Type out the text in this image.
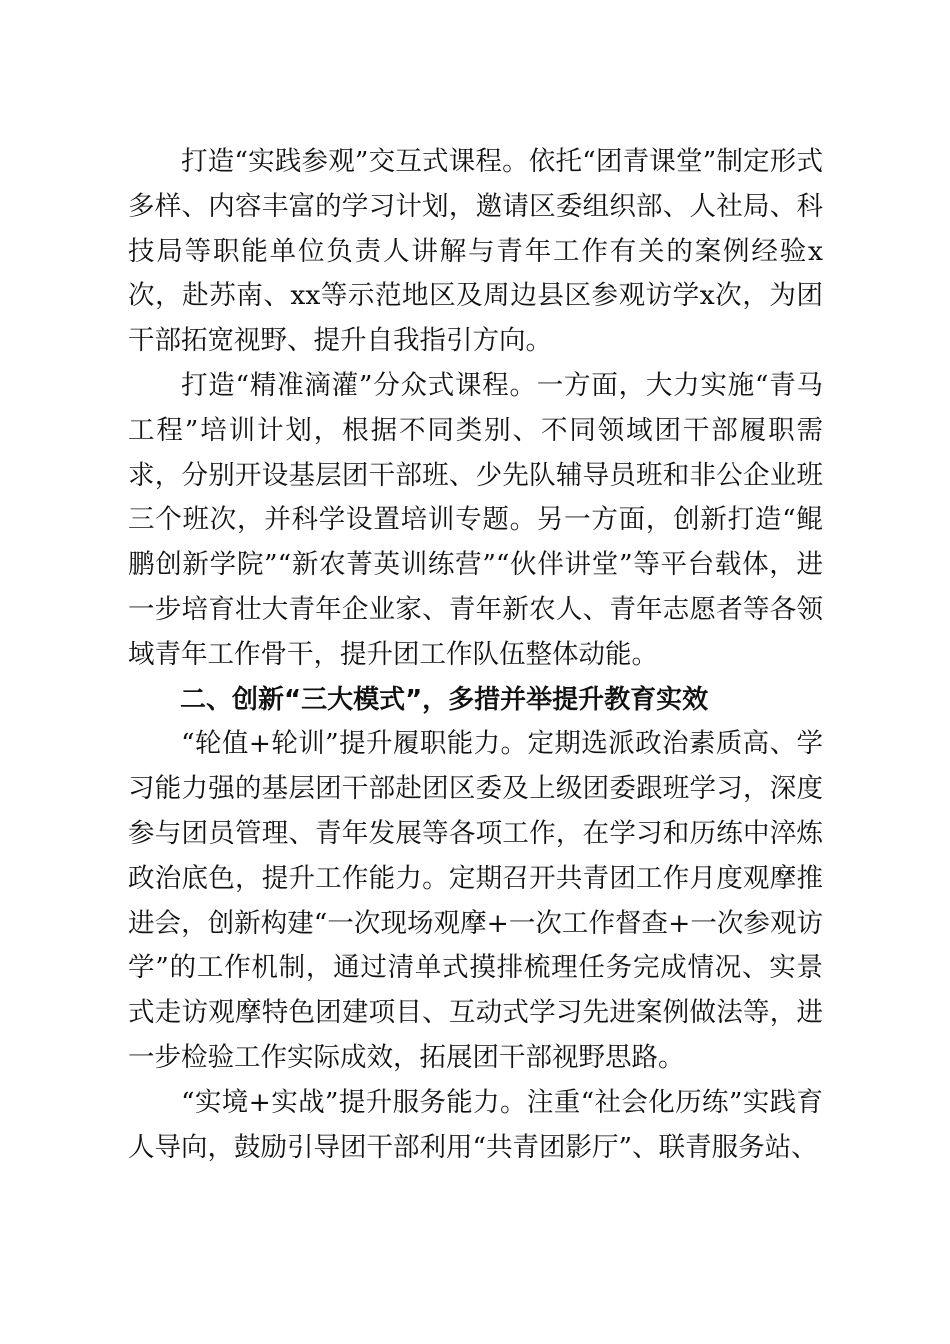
打造“实践参观”交互式课程。依托“团青课堂”制定形式多样、内容丰富的学习计划，邀请区委组织部、人社局、科技局等职能单位负责人讲解与青年工作有关的案例经验x次，赴苏南、xx等示范地区及周边县区参观访学x次，为团干部拓宽视野、提升自我指引方向。

打造“精准滴灌”分众式课程。一方面，大力实施“青马工程”培训计划，根据不同类别、不同领域团干部履职需求，分别开设基层团干部班、少先队辅导员班和非公企业班三个班次，并科学设置培训专题。另一方面，创新打造“鲲鹏创新学院”“新农菁英训练营”“伙伴讲堂”等平台载体，进一步培育壮大青年企业家、青年新农人、青年志愿者等各领域青年工作骨干，提升团工作队伍整体动能。

二、创新“三大模式”，多措并举提升教育实效

“轮值+轮训”提升履职能力。定期选派政治素质高、学习能力强的基层团干部赴团区委及上级团委跟班学习，深度参与团员管理、青年发展等各项工作，在学习和历练中淬炼政治底色，提升工作能力。定期召开共青团工作月度观摩推进会，创新构建“一次现场观摩+一次工作督查+一次参观访学”的工作机制，通过清单式摸排梳理任务完成情况、实景式走访观摩特色团建项目、互动式学习先进案例做法等，进一步检验工作实际成效，拓展团干部视野思路。

“实境+实战”提升服务能力。注重“社会化历练”实践育人导向，鼓励引导团干部利用“共青团影厅”、联青服务站、
